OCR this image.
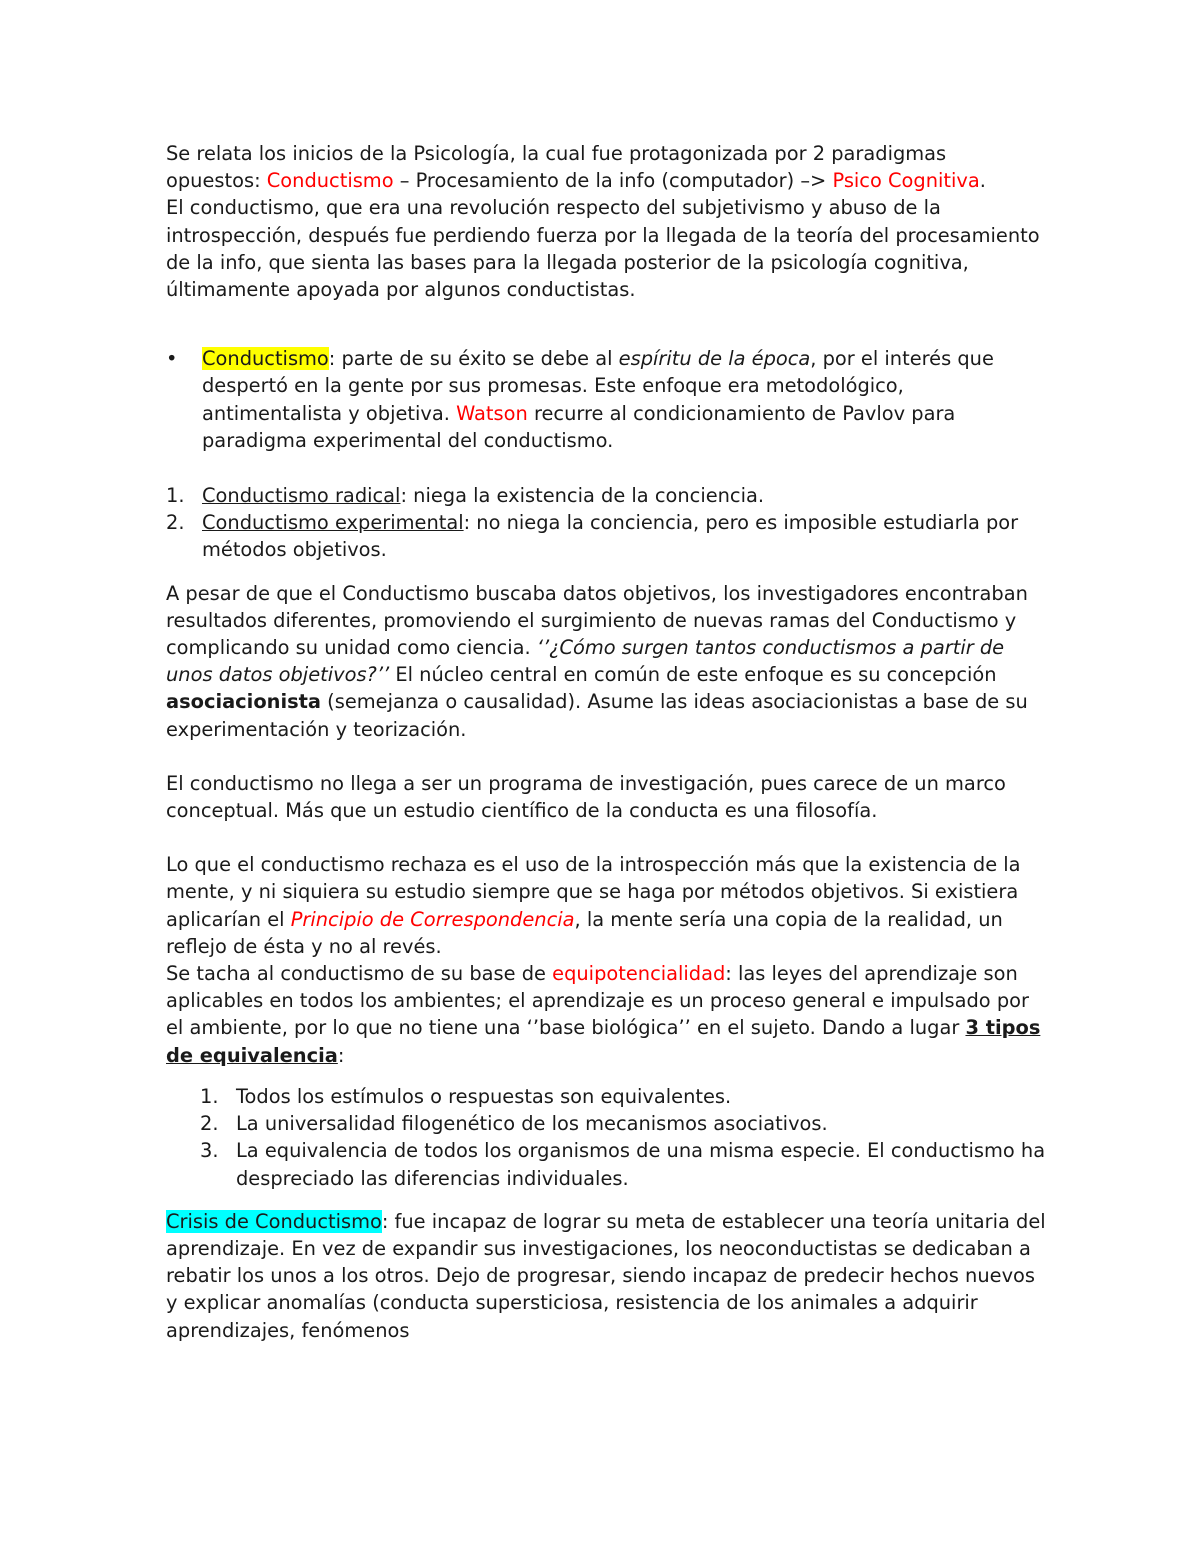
Se relata los inicios de la Psicología, la cual fue protagonizada por 2 paradigmas opuestos: Conductismo – Procesamiento de la info (computador) –> Psico Cognitiva.

El conductismo, que era una revolución respecto del subjetivismo y abuso de la introspección, después fue perdiendo fuerza por la llegada de la teoría del procesamiento de la info, que sienta las bases para la llegada posterior de la psicología cognitiva, últimamente apoyada por algunos conductistas.

• Conductismo: parte de su éxito se debe al espíritu de la época, por el interés que despertó en la gente por sus promesas. Este enfoque era metodológico, antimentalista y objetiva. Watson recurre al condicionamiento de Pavlov para paradigma experimental del conductismo.
1. Conductismo radical: niega la existencia de la conciencia.
2. Conductismo experimental: no niega la conciencia, pero es imposible estudiarla por métodos objetivos.

A pesar de que el Conductismo buscaba datos objetivos, los investigadores encontraban resultados diferentes, promoviendo el surgimiento de nuevas ramas del Conductismo y complicando su unidad como ciencia. ‘’¿Cómo surgen tantos conductismos a partir de unos datos objetivos?’’ El núcleo central en común de este enfoque es su concepción asociacionista (semejanza o causalidad). Asume las ideas asociacionistas a base de su experimentación y teorización.

El conductismo no llega a ser un programa de investigación, pues carece de un marco conceptual. Más que un estudio científico de la conducta es una filosofía.

Lo que el conductismo rechaza es el uso de la introspección más que la existencia de la mente, y ni siquiera su estudio siempre que se haga por métodos objetivos. Si existiera aplicarían el Principio de Correspondencia, la mente sería una copia de la realidad, un reflejo de ésta y no al revés.

Se tacha al conductismo de su base de equipotencialidad: las leyes del aprendizaje son aplicables en todos los ambientes; el aprendizaje es un proceso general e impulsado por el ambiente, por lo que no tiene una ‘’base biológica’’ en el sujeto. Dando a lugar 3 tipos de equivalencia:

1. Todos los estímulos o respuestas son equivalentes.
2. La universalidad filogenético de los mecanismos asociativos.
3. La equivalencia de todos los organismos de una misma especie. El conductismo ha despreciado las diferencias individuales.

Crisis de Conductismo: fue incapaz de lograr su meta de establecer una teoría unitaria del aprendizaje. En vez de expandir sus investigaciones, los neoconductistas se dedicaban a rebatir los unos a los otros. Dejo de progresar, siendo incapaz de predecir hechos nuevos y explicar anomalías (conducta supersticiosa, resistencia de los animales a adquirir aprendizajes, fenómenos
